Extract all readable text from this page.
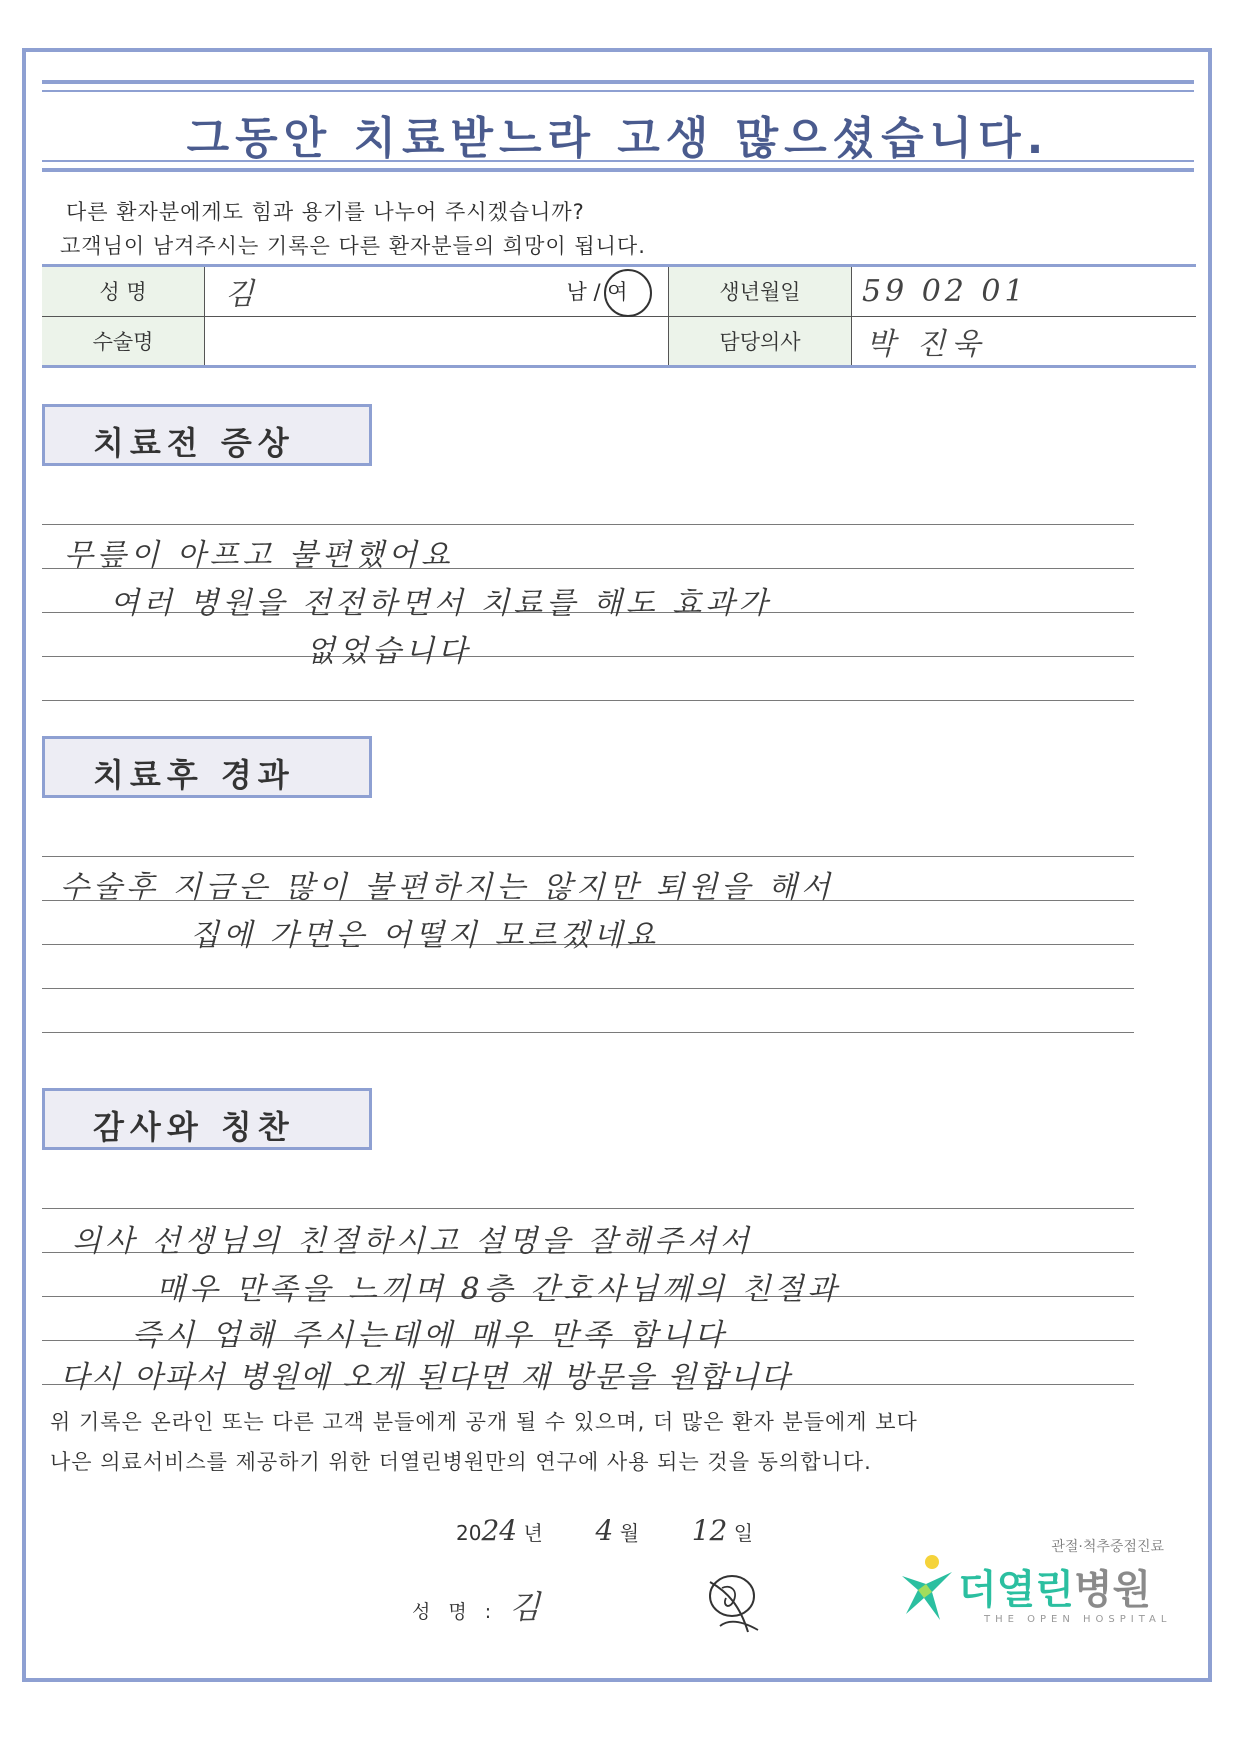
그동안 치료받느라 고생 많으셨습니다.
다른 환자분에게도 힘과 용기를 나누어 주시겠습니까?
고객님이 남겨주시는 기록은 다른 환자분들의 희망이 됩니다.
성 명	김	남 / 여	생년월일	59 02 01
수술명			담당의사	박 진욱
치료전 증상
무릎이 아프고 불편했어요
여러 병원을 전전하면서 치료를 해도 효과가
없었습니다
치료후 경과
수술후 지금은 많이 불편하지는 않지만 퇴원을 해서
집에 가면은 어떨지 모르겠네요
감사와 칭찬
의사 선생님의 친절하시고 설명을 잘해주셔서
매우 만족을 느끼며 8층 간호사님께의 친절과
즉시 업해 주시는데에 매우 만족 합니다
다시 아파서 병원에 오게 된다면 재 방문을 원합니다
위 기록은 온라인 또는 다른 고객 분들에게 공개 될 수 있으며, 더 많은 환자 분들에게 보다
나은 의료서비스를 제공하기 위한 더열린병원만의 연구에 사용 되는 것을 동의합니다.
2024 년 4 월 12 일
성 명 : 김
관절·척추중점진료
더열린병원
THE OPEN HOSPITAL
